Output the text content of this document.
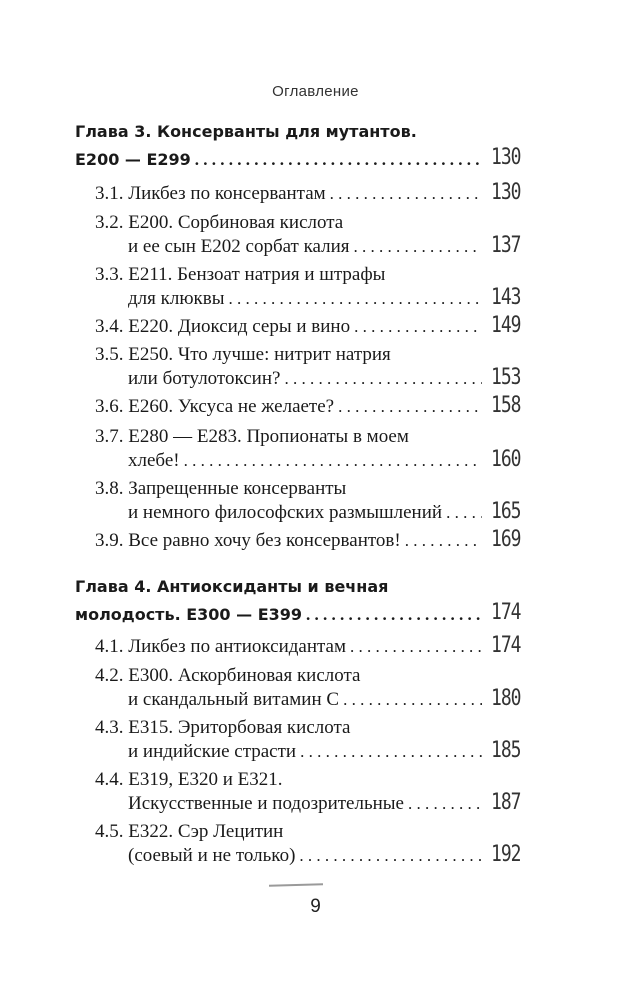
Оглавление
Глава 3. Консерванты для мутантов.
Е200 — Е299 . . .	130
3.1. Ликбез по консервантам . . .	130
3.2. Е200. Сорбиновая кислота
и ее сын Е202 сорбат калия . . .	137
3.3. Е211. Бензоат натрия и штрафы
для клюквы . . .	143
3.4. Е220. Диоксид серы и вино . . .	149
3.5. Е250. Что лучше: нитрит натрия
или ботулотоксин? . . .	153
3.6. Е260. Уксуса не желаете? . . .	158
3.7. Е280 — Е283. Пропионаты в моем
хлебе! . . .	160
3.8. Запрещенные консерванты
и немного философских размышлений . . .	165
3.9. Все равно хочу без консервантов! . . .	169
Глава 4. Антиоксиданты и вечная
молодость. Е300 — Е399 . . .	174
4.1. Ликбез по антиоксидантам . . .	174
4.2. Е300. Аскорбиновая кислота
и скандальный витамин С . . .	180
4.3. Е315. Эриторбовая кислота
и индийские страсти . . .	185
4.4. Е319, Е320 и Е321.
Искусственные и подозрительные . . .	187
4.5. Е322. Сэр Лецитин
(соевый и не только) . . .	192
9
